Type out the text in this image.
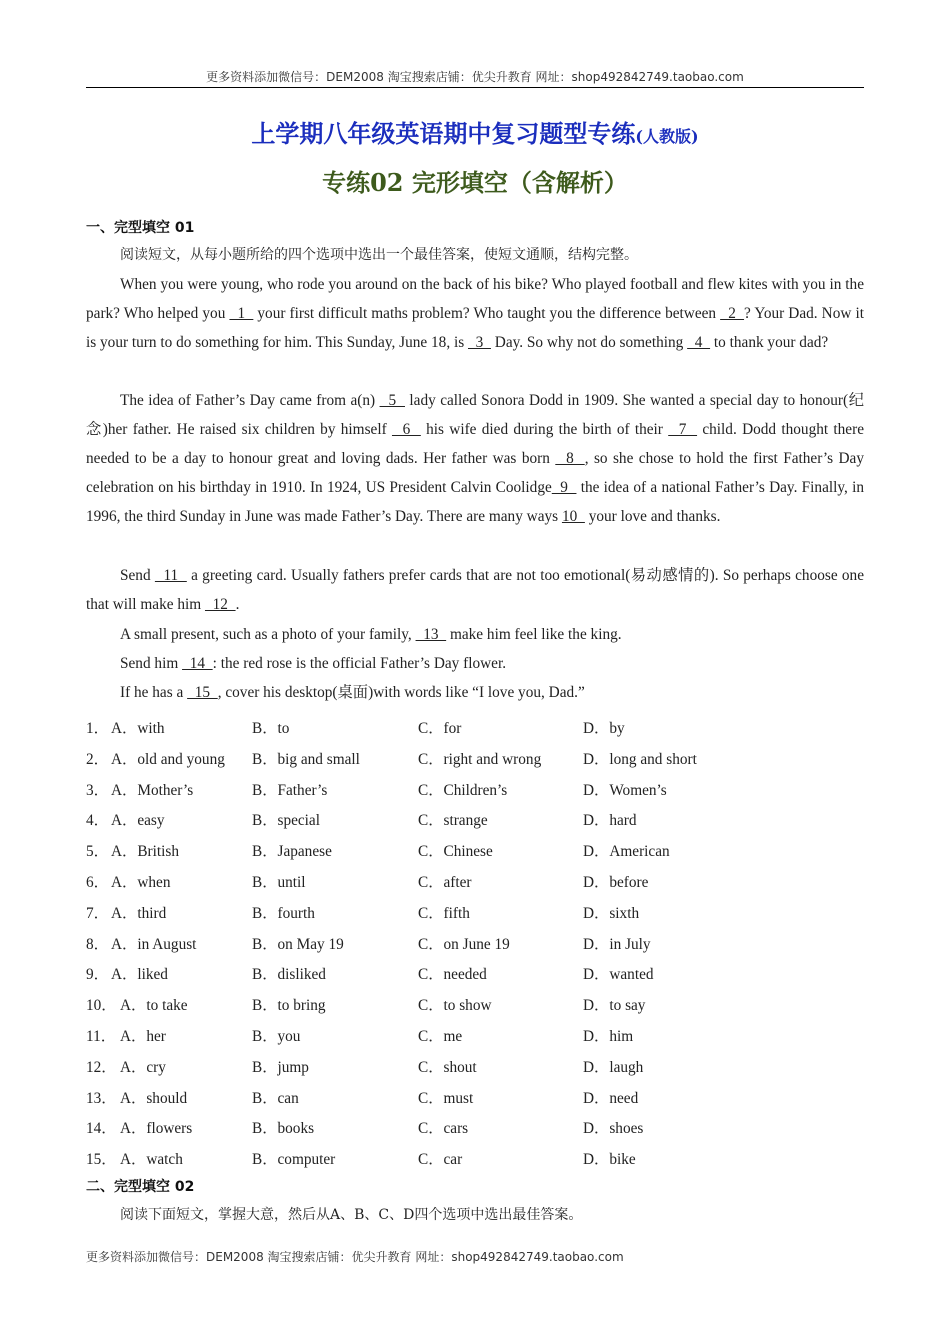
更多资料添加微信号：DEM2008 淘宝搜索店铺：优尖升教育 网址：shop492842749.taobao.com
上学期八年级英语期中复习题型专练(人教版)
专练02 完形填空（含解析）
一、完型填空 01
阅读短文，从每小题所给的四个选项中选出一个最佳答案，使短文通顺，结构完整。
When you were young, who rode you around on the back of his bike? Who played football and flew kites with you in the park? Who helped you   1   your first difficult maths problem? Who taught you the difference between   2  ? Your Dad. Now it is your turn to do something for him. This Sunday, June 18, is   3   Day. So why not do something   4   to thank your dad?
The idea of Father’s Day came from a(n)   5   lady called Sonora Dodd in 1909. She wanted a special day to honour(纪念)her father. He raised six children by himself   6   his wife died during the birth of their   7   child. Dodd thought there needed to be a day to honour great and loving dads. Her father was born   8  , so she chose to hold the first Father’s Day celebration on his birthday in 1910. In 1924, US President Calvin Coolidge  9   the idea of a national Father’s Day. Finally, in 1996, the third Sunday in June was made Father’s Day. There are many ways 10   your love and thanks.
Send   11   a greeting card. Usually fathers prefer cards that are not too emotional(易动感情的). So perhaps choose one that will make him   12  .
A small present, such as a photo of your family,   13   make him feel like the king.
Send him   14  : the red rose is the official Father’s Day flower.
If he has a   15  , cover his desktop(桌面)with words like “I love you, Dad.”
1． A．with	B．to	C．for	D．by
2． A．old and young B．big and small	C．right and wrong	D．long and short
3． A．Mother’s	B．Father’s	C．Children’s	D．Women’s
4． A．easy	B．special	C．strange	D．hard
5． A．British	B．Japanese	C．Chinese	D．American
6． A．when	B．until	C．after	D．before
7． A．third	B．fourth	C．fifth	D．sixth
8． A．in August	B．on May 19	C．on June 19	D．in July
9． A．liked	B．disliked	C．needed	D．wanted
10． A．to take	B．to bring	C．to show	D．to say
11． A．her	B．you	C．me	D．him
12． A．cry	B．jump	C．shout	D．laugh
13． A．should	B．can	C．must	D．need
14． A．flowers	B．books	C．cars	D．shoes
15． A．watch	B．computer	C．car	D．bike
二、完型填空 02
阅读下面短文，掌握大意，然后从A、B、C、D四个选项中选出最佳答案。
更多资料添加微信号：DEM2008 淘宝搜索店铺：优尖升教育 网址：shop492842749.taobao.com
